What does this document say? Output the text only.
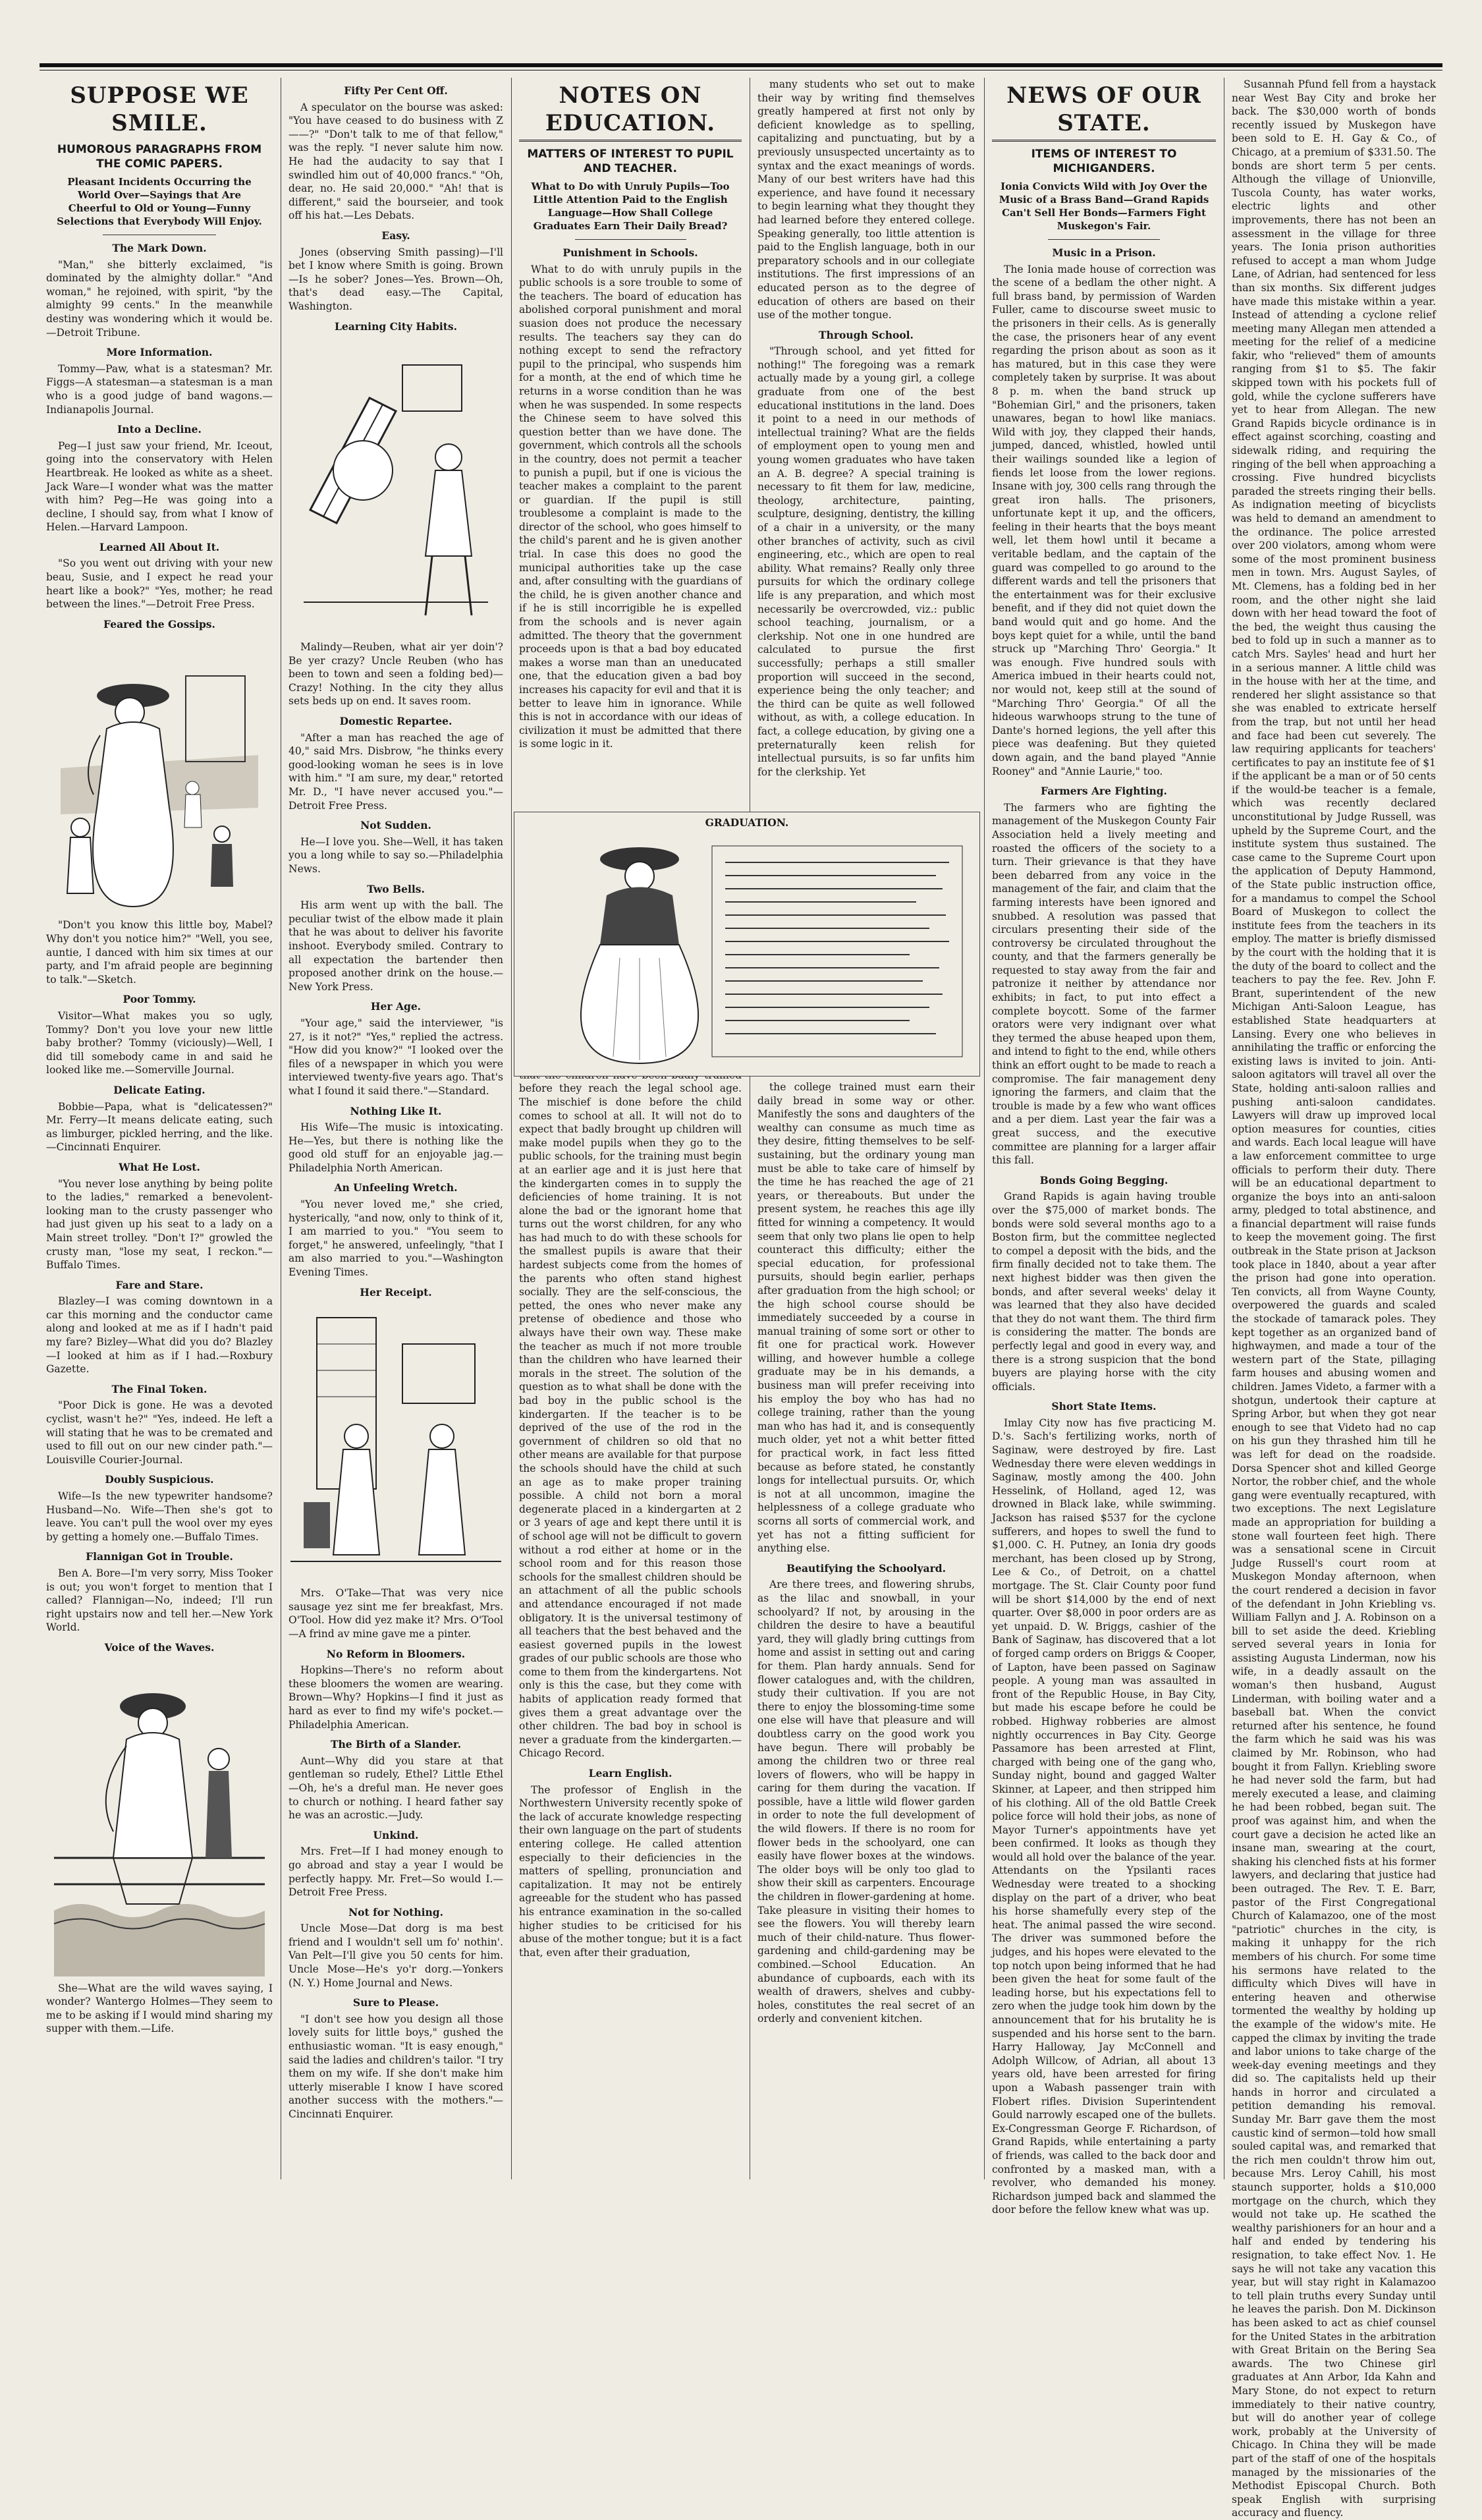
SUPPOSE WE SMILE.
HUMOROUS PARAGRAPHS FROM THE COMIC PAPERS.
Pleasant Incidents Occurring the World Over—Sayings that Are Cheerful to Old or Young—Funny Selections that Everybody Will Enjoy.
The Mark Down.

"Man," she bitterly exclaimed, "is dominated by the almighty dollar." "And woman," he rejoined, with spirit, "by the almighty 99 cents." In the meanwhile destiny was wondering which it would be.—Detroit Tribune.

More Information.

Tommy—Paw, what is a statesman? Mr. Figgs—A statesman—a statesman is a man who is a good judge of band wagons.—Indianapolis Journal.

Into a Decline.

Peg—I just saw your friend, Mr. Iceout, going into the conservatory with Helen Heartbreak. He looked as white as a sheet. Jack Ware—I wonder what was the matter with him? Peg—He was going into a decline, I should say, from what I know of Helen.—Harvard Lampoon.

Learned All About It.

"So you went out driving with your new beau, Susie, and I expect he read your heart like a book?" "Yes, mother; he read between the lines."—Detroit Free Press.

Feared the Gossips.

"Don't you know this little boy, Mabel? Why don't you notice him?" "Well, you see, auntie, I danced with him six times at our party, and I'm afraid people are beginning to talk."—Sketch.

Poor Tommy.

Visitor—What makes you so ugly, Tommy? Don't you love your new little baby brother? Tommy (viciously)—Well, I did till somebody came in and said he looked like me.—Somerville Journal.

Delicate Eating.

Bobbie—Papa, what is "delicatessen?" Mr. Ferry—It means delicate eating, such as limburger, pickled herring, and the like.—Cincinnati Enquirer.

What He Lost.

"You never lose anything by being polite to the ladies," remarked a benevolent-looking man to the crusty passenger who had just given up his seat to a lady on a Main street trolley. "Don't I?" growled the crusty man, "lose my seat, I reckon."—Buffalo Times.

Fare and Stare.

Blazley—I was coming downtown in a car this morning and the conductor came along and looked at me as if I hadn't paid my fare? Bizley—What did you do? Blazley—I looked at him as if I had.—Roxbury Gazette.

The Final Token.

"Poor Dick is gone. He was a devoted cyclist, wasn't he?" "Yes, indeed. He left a will stating that he was to be cremated and used to fill out on our new cinder path."—Louisville Courier-Journal.

Doubly Suspicious.

Wife—Is the new typewriter handsome? Husband—No. Wife—Then she's got to leave. You can't pull the wool over my eyes by getting a homely one.—Buffalo Times.

Flannigan Got in Trouble.

Ben A. Bore—I'm very sorry, Miss Tooker is out; you won't forget to mention that I called? Flannigan—No, indeed; I'll run right upstairs now and tell her.—New York World.

Voice of the Waves.

She—What are the wild waves saying, I wonder? Wantergo Holmes—They seem to me to be asking if I would mind sharing my supper with them.—Life.

Fifty Per Cent Off.

A speculator on the bourse was asked: "You have ceased to do business with Z——?" "Don't talk to me of that fellow," was the reply. "I never salute him now. He had the audacity to say that I swindled him out of 40,000 francs." "Oh, dear, no. He said 20,000." "Ah! that is different," said the bourseier, and took off his hat.—Les Debats.

Easy.

Jones (observing Smith passing)—I'll bet I know where Smith is going. Brown—Is he sober? Jones—Yes. Brown—Oh, that's dead easy.—The Capital, Washington.

Learning City Habits.

Malindy—Reuben, what air yer doin'? Be yer crazy? Uncle Reuben (who has been to town and seen a folding bed)—Crazy! Nothing. In the city they allus sets beds up on end. It saves room.

Domestic Repartee.

"After a man has reached the age of 40," said Mrs. Disbrow, "he thinks every good-looking woman he sees is in love with him." "I am sure, my dear," retorted Mr. D., "I have never accused you."—Detroit Free Press.

Not Sudden.

He—I love you. She—Well, it has taken you a long while to say so.—Philadelphia News.

Two Bells.

His arm went up with the ball. The peculiar twist of the elbow made it plain that he was about to deliver his favorite inshoot. Everybody smiled. Contrary to all expectation the bartender then proposed another drink on the house.—New York Press.

Her Age.

"Your age," said the interviewer, "is 27, is it not?" "Yes," replied the actress. "How did you know?" "I looked over the files of a newspaper in which you were interviewed twenty-five years ago. That's what I found it said there."—Standard.

Nothing Like It.

His Wife—The music is intoxicating. He—Yes, but there is nothing like the good old stuff for an enjoyable jag.—Philadelphia North American.

An Unfeeling Wretch.

"You never loved me," she cried, hysterically, "and now, only to think of it, I am married to you." "You seem to forget," he answered, unfeelingly, "that I am also married to you."—Washington Evening Times.

Her Receipt.

Mrs. O'Take—That was very nice sausage yez sint me fer breakfast, Mrs. O'Tool. How did yez make it? Mrs. O'Tool—A frind av mine gave me a pinter.

No Reform in Bloomers.

Hopkins—There's no reform about these bloomers the women are wearing. Brown—Why? Hopkins—I find it just as hard as ever to find my wife's pocket.—Philadelphia American.

The Birth of a Slander.

Aunt—Why did you stare at that gentleman so rudely, Ethel? Little Ethel—Oh, he's a dreful man. He never goes to church or nothing. I heard father say he was an acrostic.—Judy.

Unkind.

Mrs. Fret—If I had money enough to go abroad and stay a year I would be perfectly happy. Mr. Fret—So would I.—Detroit Free Press.

Not for Nothing.

Uncle Mose—Dat dorg is ma best friend and I wouldn't sell um fo' nothin'. Van Pelt—I'll give you 50 cents for him. Uncle Mose—He's yo'r dorg.—Yonkers (N. Y.) Home Journal and News.

Sure to Please.

"I don't see how you design all those lovely suits for little boys," gushed the enthusiastic woman. "It is easy enough," said the ladies and children's tailor. "I try them on my wife. If she don't make him utterly miserable I know I have scored another success with the mothers."—Cincinnati Enquirer.

NOTES ON EDUCATION.
MATTERS OF INTEREST TO PUPIL AND TEACHER.
What to Do with Unruly Pupils—Too Little Attention Paid to the English Language—How Shall College Graduates Earn Their Daily Bread?
Punishment in Schools.

What to do with unruly pupils in the public schools is a sore trouble to some of the teachers. The board of education has abolished corporal punishment and moral suasion does not produce the necessary results. The teachers say they can do nothing except to send the refractory pupil to the principal, who suspends him for a month, at the end of which time he returns in a worse condition than he was when he was suspended. In some respects the Chinese seem to have solved this question better than we have done. The government, which controls all the schools in the country, does not permit a teacher to punish a pupil, but if one is vicious the teacher makes a complaint to the parent or guardian. If the pupil is still troublesome a complaint is made to the director of the school, who goes himself to the child's parent and he is given another trial. In case this does no good the municipal authorities take up the case and, after consulting with the guardians of the child, he is given another chance and if he is still incorrigible he is expelled from the schools and is never again admitted. The theory that the government proceeds upon is that a bad boy educated makes a worse man than an uneducated one, that the education given a bad boy increases his capacity for evil and that it is better to leave him in ignorance. While this is not in accordance with our ideas of civilization it must be admitted that there is some logic in it.

before they reach the legal school age. The mischief is done before the child comes to school at all. It will not do to expect that badly brought up children will make model pupils when they go to the public schools, for the training must begin at an earlier age and it is just here that the kindergarten comes in to supply the deficiencies of home training. It is not alone the bad or the ignorant home that turns out the worst children, for any who has had much to do with these schools for the smallest pupils is aware that their hardest subjects come from the homes of the parents who often stand highest socially. They are the self-conscious, the petted, the ones who never make any pretense of obedience and those who always have their own way. These make the teacher as much if not more trouble than the children who have learned their morals in the street. The solution of the question as to what shall be done with the bad boy in the public school is the kindergarten. If the teacher is to be deprived of the use of the rod in the government of children so old that no other means are available for that purpose the schools should have the child at such an age as to make proper training possible. A child not born a moral degenerate placed in a kindergarten at 2 or 3 years of age and kept there until it is of school age will not be difficult to govern without a rod either at home or in the school room and for this reason those schools for the smallest children should be an attachment of all the public schools and attendance encouraged if not made obligatory. It is the universal testimony of all teachers that the best behaved and the easiest governed pupils in the lowest grades of our public schools are those who come to them from the kindergartens. Not only is this the case, but they come with habits of application ready formed that gives them a great advantage over the other children. The bad boy in school is never a graduate from the kindergarten.—Chicago Record.

Learn English.

The professor of English in the Northwestern University recently spoke of the lack of accurate knowledge respecting their own language on the part of students entering college. He called attention especially to their deficiencies in the matters of spelling, pronunciation and capitalization. It may not be entirely agreeable for the student who has passed his entrance examination in the so-called higher studies to be criticised for his abuse of the mother tongue; but it is a fact that, even after their graduation,

many students who set out to make their way by writing find themselves greatly hampered at first not only by deficient knowledge as to spelling, capitalizing and punctuating, but by a previously unsuspected uncertainty as to syntax and the exact meanings of words. Many of our best writers have had this experience, and have found it necessary to begin learning what they thought they had learned before they entered college. Speaking generally, too little attention is paid to the English language, both in our preparatory schools and in our collegiate institutions. The first impressions of an educated person as to the degree of education of others are based on their use of the mother tongue.

Through School.

"Through school, and yet fitted for nothing!" The foregoing was a remark actually made by a young girl, a college graduate from one of the best educational institutions in the land. Does it point to a need in our methods of intellectual training? What are the fields of employment open to young men and young women graduates who have taken an A. B. degree? A special training is necessary to fit them for law, medicine, theology, architecture, painting, sculpture, designing, dentistry, the killing of a chair in a university, or the many other branches of activity, such as civil engineering, etc., which are open to real ability. What remains? Really only three pursuits for which the ordinary college life is any preparation, and which most necessarily be overcrowded, viz.: public school teaching, journalism, or a clerkship. Not one in one hundred are calculated to pursue the first successfully; perhaps a still smaller proportion will succeed in the second, experience being the only teacher; and the third can be quite as well followed without, as with, a college education. In fact, a college education, by giving one a preternaturally keen relish for intellectual pursuits, is so far unfits him for the clerkship. Yet

GRADUATION.

the college trained must earn their daily bread in some way or other. Manifestly the sons and daughters of the wealthy can consume as much time as they desire, fitting themselves to be self-sustaining, but the ordinary young man must be able to take care of himself by the time he has reached the age of 21 years, or thereabouts. But under the present system, he reaches this age illy fitted for winning a competency. It would seem that only two plans lie open to help counteract this difficulty; either the special education, for professional pursuits, should begin earlier, perhaps after graduation from the high school; or the high school course should be immediately succeeded by a course in manual training of some sort or other to fit one for practical work. However willing, and however humble a college graduate may be in his demands, a business man will prefer receiving into his employ the boy who has had no college training, rather than the young man who has had it, and is consequently much older, yet not a whit better fitted for practical work, in fact less fitted because as before stated, he constantly longs for intellectual pursuits. Or, which is not at all uncommon, imagine the helplessness of a college graduate who scorns all sorts of commercial work, and yet has not a fitting sufficient for anything else.

Beautifying the Schoolyard.

Are there trees, and flowering shrubs, as the lilac and snowball, in your schoolyard? If not, by arousing in the children the desire to have a beautiful yard, they will gladly bring cuttings from home and assist in setting out and caring for them. Plan hardy annuals. Send for flower catalogues and, with the children, study their cultivation. If you are not there to enjoy the blossoming-time some one else will have that pleasure and will doubtless carry on the good work you have begun. There will probably be among the children two or three real lovers of flowers, who will be happy in caring for them during the vacation. If possible, have a little wild flower garden in order to note the full development of the wild flowers. If there is no room for flower beds in the schoolyard, one can easily have flower boxes at the windows. The older boys will be only too glad to show their skill as carpenters. Encourage the children in flower-gardening at home. Take pleasure in visiting their homes to see the flowers. You will thereby learn much of their child-nature. Thus flower-gardening and child-gardening may be combined.—School Education. An abundance of cupboards, each with its wealth of drawers, shelves and cubby-holes, constitutes the real secret of an orderly and convenient kitchen.

NEWS OF OUR STATE.
ITEMS OF INTEREST TO MICHIGANDERS.
Ionia Convicts Wild with Joy Over the Music of a Brass Band—Grand Rapids Can't Sell Her Bonds—Farmers Fight Muskegon's Fair.
Music in a Prison.

The Ionia made house of correction was the scene of a bedlam the other night. A full brass band, by permission of Warden Fuller, came to discourse sweet music to the prisoners in their cells. As is generally the case, the prisoners hear of any event regarding the prison about as soon as it has matured, but in this case they were completely taken by surprise. It was about 8 p. m. when the band struck up "Bohemian Girl," and the prisoners, taken unawares, began to howl like maniacs. Wild with joy, they clapped their hands, jumped, danced, whistled, howled until their wailings sounded like a legion of fiends let loose from the lower regions. Insane with joy, 300 cells rang through the great iron halls. The prisoners, unfortunate kept it up, and the officers, feeling in their hearts that the boys meant well, let them howl until it became a veritable bedlam, and the captain of the guard was compelled to go around to the different wards and tell the prisoners that the entertainment was for their exclusive benefit, and if they did not quiet down the band would quit and go home. And the boys kept quiet for a while, until the band struck up "Marching Thro' Georgia." It was enough. Five hundred souls with America imbued in their hearts could not, nor would not, keep still at the sound of "Marching Thro' Georgia." Of all the hideous warwhoops strung to the tune of Dante's horned legions, the yell after this piece was deafening. But they quieted down again, and the band played "Annie Rooney" and "Annie Laurie," too.

Farmers Are Fighting.

The farmers who are fighting the management of the Muskegon County Fair Association held a lively meeting and roasted the officers of the society to a turn. Their grievance is that they have been debarred from any voice in the management of the fair, and claim that the farming interests have been ignored and snubbed. A resolution was passed that circulars presenting their side of the controversy be circulated throughout the county, and that the farmers generally be requested to stay away from the fair and patronize it neither by attendance nor exhibits; in fact, to put into effect a complete boycott. Some of the farmer orators were very indignant over what they termed the abuse heaped upon them, and intend to fight to the end, while others think an effort ought to be made to reach a compromise. The fair management deny ignoring the farmers, and claim that the trouble is made by a few who want offices and a per diem. Last year the fair was a great success, and the executive committee are planning for a larger affair this fall.

Bonds Going Begging.

Grand Rapids is again having trouble over the $75,000 of market bonds. The bonds were sold several months ago to a Boston firm, but the committee neglected to compel a deposit with the bids, and the firm finally decided not to take them. The next highest bidder was then given the bonds, and after several weeks' delay it was learned that they also have decided that they do not want them. The third firm is considering the matter. The bonds are perfectly legal and good in every way, and there is a strong suspicion that the bond buyers are playing horse with the city officials.

Short State Items.

Imlay City now has five practicing M. D.'s. Sach's fertilizing works, north of Saginaw, were destroyed by fire. Last Wednesday there were eleven weddings in Saginaw, mostly among the 400. John Hesselink, of Holland, aged 12, was drowned in Black lake, while swimming. Jackson has raised $537 for the cyclone sufferers, and hopes to swell the fund to $1,000. C. H. Putney, an Ionia dry goods merchant, has been closed up by Strong, Lee & Co., of Detroit, on a chattel mortgage. The St. Clair County poor fund will be short $14,000 by the end of next quarter. Over $8,000 in poor orders are as yet unpaid. D. W. Briggs, cashier of the Bank of Saginaw, has discovered that a lot of forged camp orders on Briggs & Cooper, of Lapton, have been passed on Saginaw people. A young man was assaulted in front of the Republic House, in Bay City, but made his escape before he could be robbed. Highway robberies are almost nightly occurrences in Bay City. George Passamore has been arrested at Flint, charged with being one of the gang who, Sunday night, bound and gagged Walter Skinner, at Lapeer, and then stripped him of his clothing. All of the old Battle Creek police force will hold their jobs, as none of Mayor Turner's appointments have yet been confirmed. It looks as though they would all hold over the balance of the year. Attendants on the Ypsilanti races Wednesday were treated to a shocking display on the part of a driver, who beat his horse shamefully every step of the heat. The animal passed the wire second. The driver was summoned before the judges, and his hopes were elevated to the top notch upon being informed that he had been given the heat for some fault of the leading horse, but his expectations fell to zero when the judge took him down by the announcement that for his brutality he is suspended and his horse sent to the barn. Harry Halloway, Jay McConnell and Adolph Willcow, of Adrian, all about 13 years old, have been arrested for firing upon a Wabash passenger train with Flobert rifles. Division Superintendent Gould narrowly escaped one of the bullets. Ex-Congressman George F. Richardson, of Grand Rapids, while entertaining a party of friends, was called to the back door and confronted by a masked man, with a revolver, who demanded his money. Richardson jumped back and slammed the door before the fellow knew what was up.

Susannah Pfund fell from a haystack near West Bay City and broke her back. The $30,000 worth of bonds recently issued by Muskegon have been sold to E. H. Gay & Co., of Chicago, at a premium of $331.50. The bonds are short term 5 per cents. Although the village of Unionville, Tuscola County, has water works, electric lights and other improvements, there has not been an assessment in the village for three years. The Ionia prison authorities refused to accept a man whom Judge Lane, of Adrian, had sentenced for less than six months. Six different judges have made this mistake within a year. Instead of attending a cyclone relief meeting many Allegan men attended a meeting for the relief of a medicine fakir, who "relieved" them of amounts ranging from $1 to $5. The fakir skipped town with his pockets full of gold, while the cyclone sufferers have yet to hear from Allegan. The new Grand Rapids bicycle ordinance is in effect against scorching, coasting and sidewalk riding, and requiring the ringing of the bell when approaching a crossing. Five hundred bicyclists paraded the streets ringing their bells. As indignation meeting of bicyclists was held to demand an amendment to the ordinance. The police arrested over 200 violators, among whom were some of the most prominent business men in town. Mrs. August Sayles, of Mt. Clemens, has a folding bed in her room, and the other night she laid down with her head toward the foot of the bed, the weight thus causing the bed to fold up in such a manner as to catch Mrs. Sayles' head and hurt her in a serious manner. A little child was in the house with her at the time, and rendered her slight assistance so that she was enabled to extricate herself from the trap, but not until her head and face had been cut severely. The law requiring applicants for teachers' certificates to pay an institute fee of $1 if the applicant be a man or of 50 cents if the would-be teacher is a female, which was recently declared unconstitutional by Judge Russell, was upheld by the Supreme Court, and the institute system thus sustained. The case came to the Supreme Court upon the application of Deputy Hammond, of the State public instruction office, for a mandamus to compel the School Board of Muskegon to collect the institute fees from the teachers in its employ. The matter is briefly dismissed by the court with the holding that it is the duty of the board to collect and the teachers to pay the fee. Rev. John F. Brant, superintendent of the new Michigan Anti-Saloon League, has established State headquarters at Lansing. Every one who believes in annihilating the traffic or enforcing the existing laws is invited to join. Anti-saloon agitators will travel all over the State, holding anti-saloon rallies and pushing anti-saloon candidates. Lawyers will draw up improved local option measures for counties, cities and wards. Each local league will have a law enforcement committee to urge officials to perform their duty. There will be an educational department to organize the boys into an anti-saloon army, pledged to total abstinence, and a financial department will raise funds to keep the movement going. The first outbreak in the State prison at Jackson took place in 1840, about a year after the prison had gone into operation. Ten convicts, all from Wayne County, overpowered the guards and scaled the stockade of tamarack poles. They kept together as an organized band of highwaymen, and made a tour of the western part of the State, pillaging farm houses and abusing women and children. James Videto, a farmer with a shotgun, undertook their capture at Spring Arbor, but when they got near enough to see that Videto had no cap on his gun they thrashed him till he was left for dead on the roadside. Dorsa Spencer shot and killed George Nortor, the robber chief, and the whole gang were eventually recaptured, with two exceptions. The next Legislature made an appropriation for building a stone wall fourteen feet high. There was a sensational scene in Circuit Judge Russell's court room at Muskegon Monday afternoon, when the court rendered a decision in favor of the defendant in John Kriebling vs. William Fallyn and J. A. Robinson on a bill to set aside the deed. Kriebling served several years in Ionia for assisting Augusta Linderman, now his wife, in a deadly assault on the woman's then husband, August Linderman, with boiling water and a baseball bat. When the convict returned after his sentence, he found the farm which he said was his was claimed by Mr. Robinson, who had bought it from Fallyn. Kriebling swore he had never sold the farm, but had merely executed a lease, and claiming he had been robbed, began suit. The proof was against him, and when the court gave a decision he acted like an insane man, swearing at the court, shaking his clenched fists at his former lawyers, and declaring that justice had been outraged. The Rev. T. E. Barr, pastor of the First Congregational Church of Kalamazoo, one of the most "patriotic" churches in the city, is making it unhappy for the rich members of his church. For some time his sermons have related to the difficulty which Dives will have in entering heaven and otherwise tormented the wealthy by holding up the example of the widow's mite. He capped the climax by inviting the trade and labor unions to take charge of the week-day evening meetings and they did so. The capitalists held up their hands in horror and circulated a petition demanding his removal. Sunday Mr. Barr gave them the most caustic kind of sermon—told how small souled capital was, and remarked that the rich men couldn't throw him out, because Mrs. Leroy Cahill, his most staunch supporter, holds a $10,000 mortgage on the church, which they would not take up. He scathed the wealthy parishioners for an hour and a half and ended by tendering his resignation, to take effect Nov. 1. He says he will not take any vacation this year, but will stay right in Kalamazoo to tell plain truths every Sunday until he leaves the parish. Don M. Dickinson has been asked to act as chief counsel for the United States in the arbitration with Great Britain on the Bering Sea awards. The two Chinese girl graduates at Ann Arbor, Ida Kahn and Mary Stone, do not expect to return immediately to their native country, but will do another year of college work, probably at the University of Chicago. In China they will be made part of the staff of one of the hospitals managed by the missionaries of the Methodist Episcopal Church. Both speak English with surprising accuracy and fluency.
